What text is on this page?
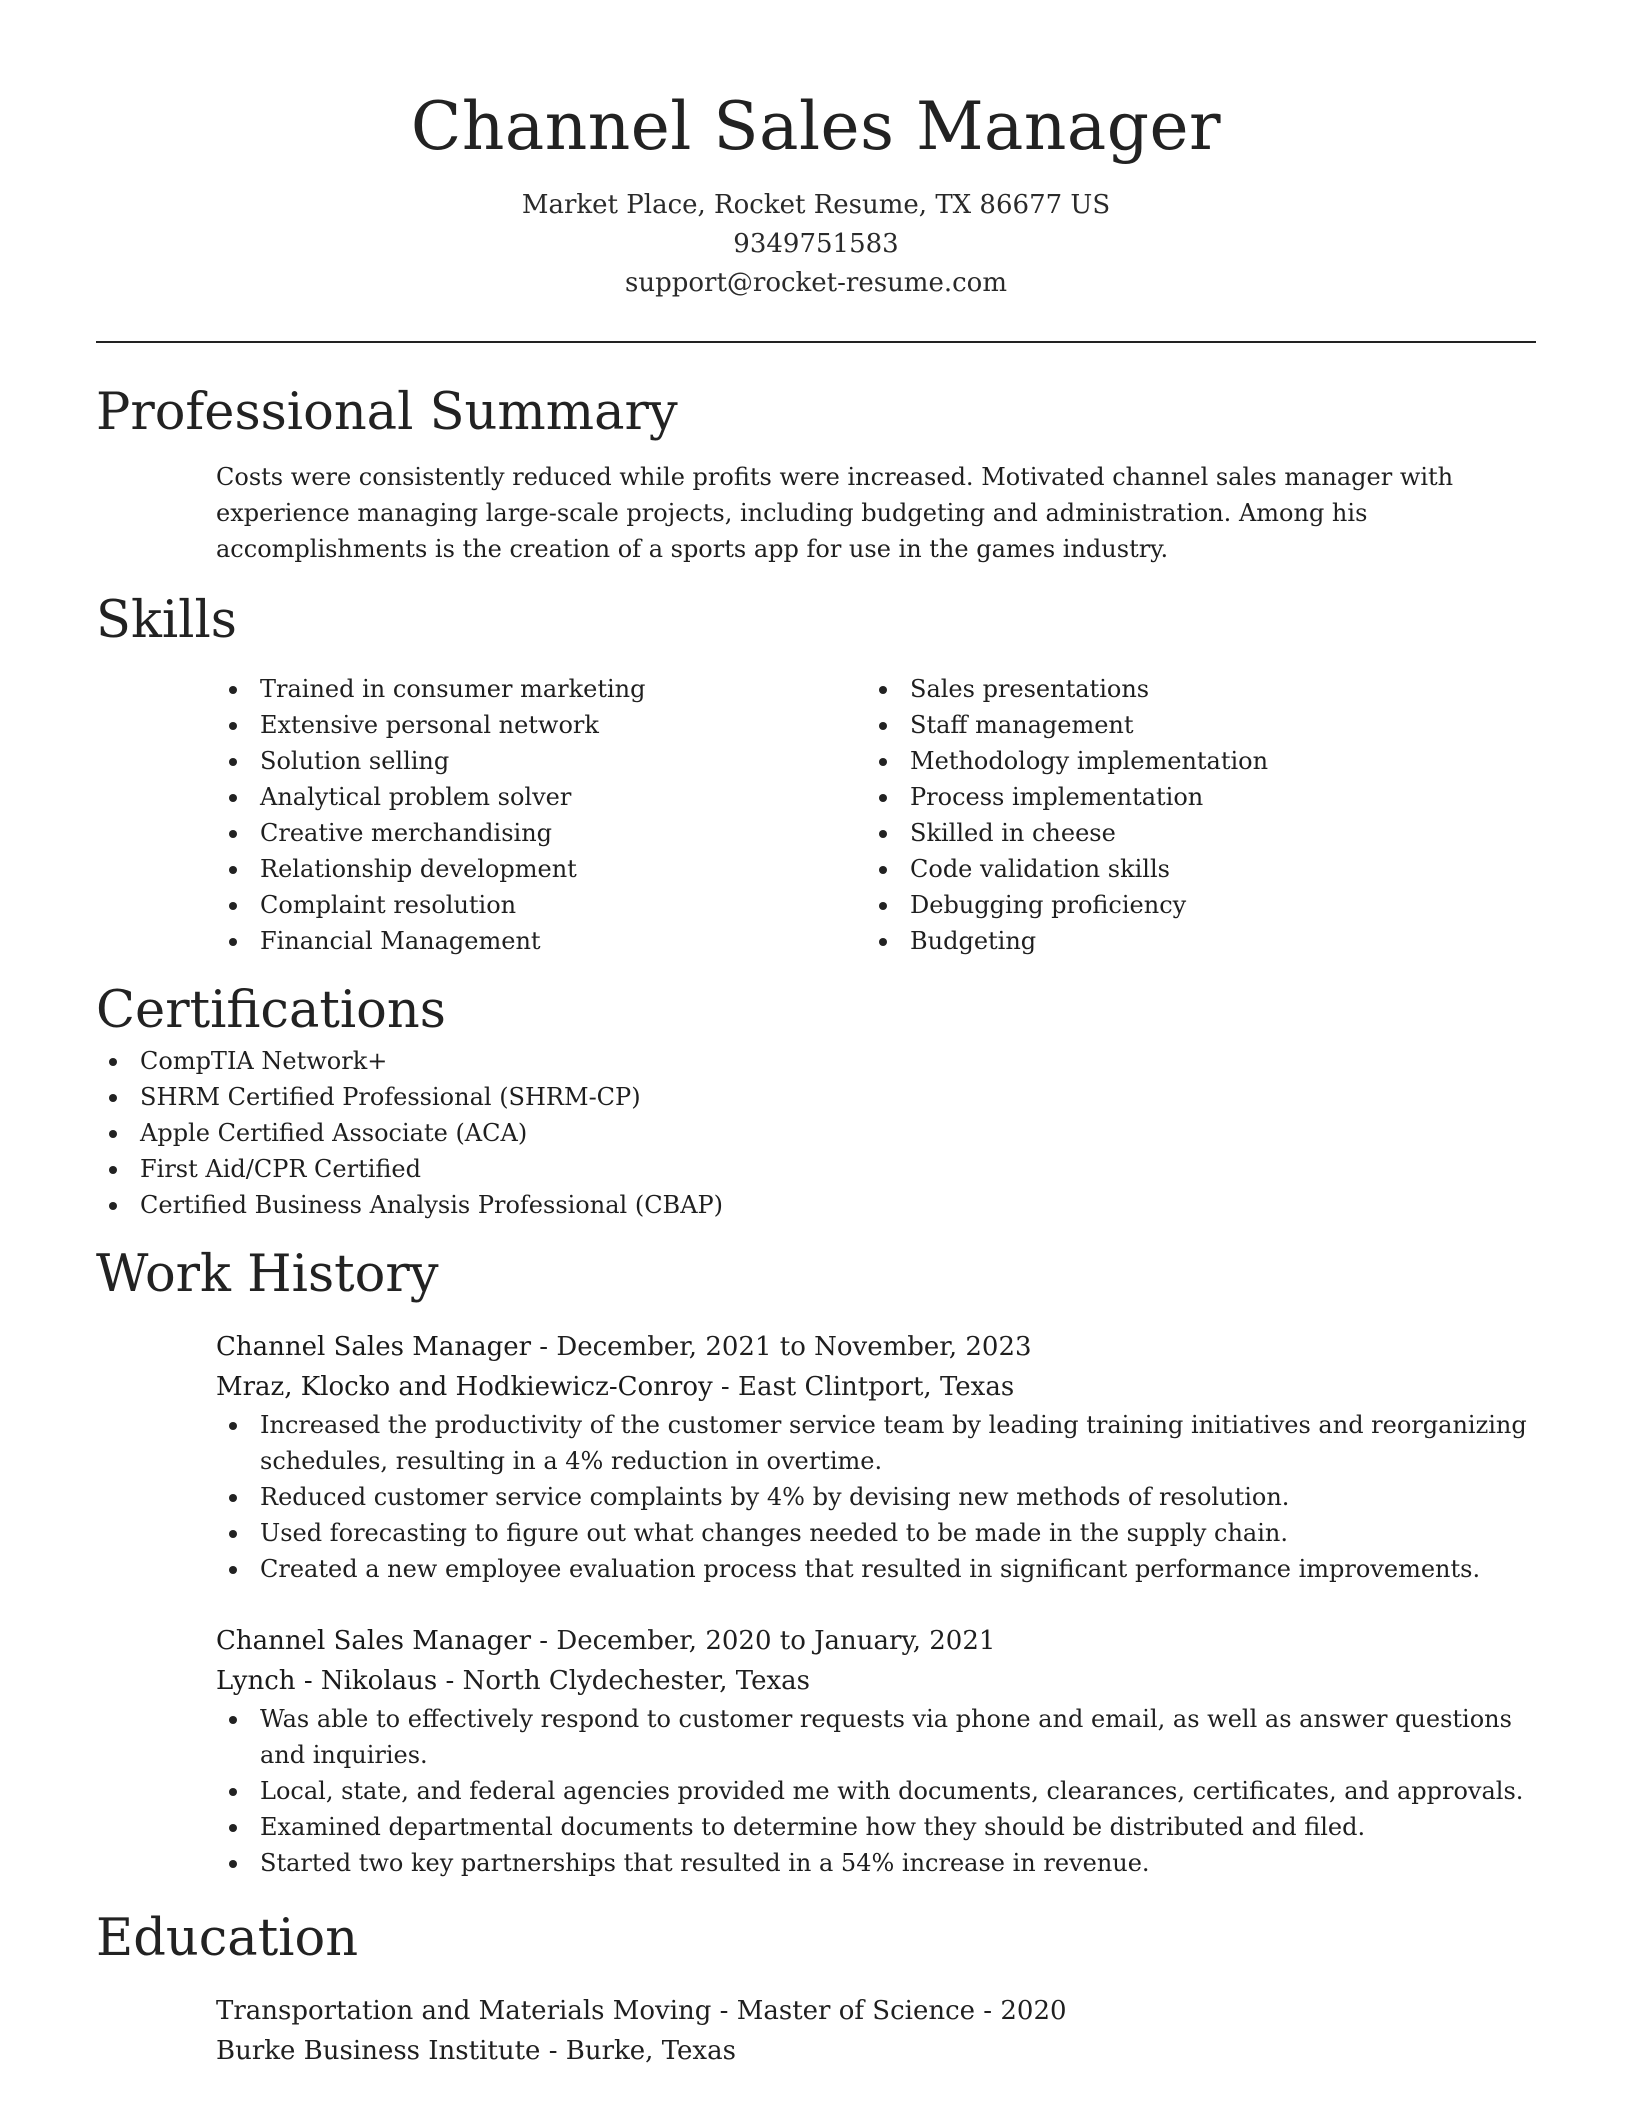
Channel Sales Manager
Market Place, Rocket Resume, TX 86677 US
9349751583
support@rocket-resume.com
Professional Summary

Costs were consistently reduced while profits were increased. Motivated channel sales manager with experience managing large-scale projects, including budgeting and administration. Among his accomplishments is the creation of a sports app for use in the games industry.

Skills
Trained in consumer marketing
Extensive personal network
Solution selling
Analytical problem solver
Creative merchandising
Relationship development
Complaint resolution
Financial Management
Sales presentations
Staff management
Methodology implementation
Process implementation
Skilled in cheese
Code validation skills
Debugging proficiency
Budgeting
Certifications
CompTIA Network+
SHRM Certified Professional (SHRM-CP)
Apple Certified Associate (ACA)
First Aid/CPR Certified
Certified Business Analysis Professional (CBAP)
Work History
Channel Sales Manager - December, 2021 to November, 2023
Mraz, Klocko and Hodkiewicz-Conroy - East Clintport, Texas
Increased the productivity of the customer service team by leading training initiatives and reorganizing schedules, resulting in a 4% reduction in overtime.
Reduced customer service complaints by 4% by devising new methods of resolution.
Used forecasting to figure out what changes needed to be made in the supply chain.
Created a new employee evaluation process that resulted in significant performance improvements.
Channel Sales Manager - December, 2020 to January, 2021
Lynch - Nikolaus - North Clydechester, Texas
Was able to effectively respond to customer requests via phone and email, as well as answer questions and inquiries.
Local, state, and federal agencies provided me with documents, clearances, certificates, and approvals.
Examined departmental documents to determine how they should be distributed and filed.
Started two key partnerships that resulted in a 54% increase in revenue.
Education
Transportation and Materials Moving - Master of Science - 2020
Burke Business Institute - Burke, Texas
